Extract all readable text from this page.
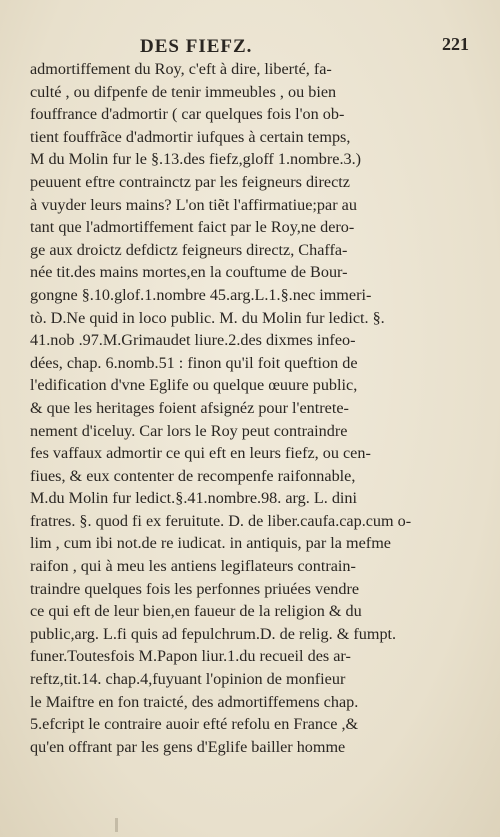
DES FIEFZ.	221
admortiffement du Roy, c'eft à dire, liberté, fa-
culté , ou difpenfe de tenir immeubles , ou bien
fouffrance d'admortir ( car quelques fois l'on ob-
tient fouffrãce d'admortir iufques à certain temps,
M du Molin fur le §.13.des fiefz,gloff 1.nombre.3.)
peuuent eftre contrainctz par les feigneurs directz
à vuyder leurs mains? L'on tiẽt l'affirmatiue;par au
tant que l'admortiffement faict par le Roy,ne dero-
ge aux droictz defdictz feigneurs directz, Chaffa-
née tit.des mains mortes,en la couftume de Bour-
gongne §.10.glof.1.nombre 45.arg.L.1.§.nec immeri-
tò. D.Ne quid in loco public. M. du Molin fur ledict. §.
41.nob .97.M.Grimaudet liure.2.des dixmes infeo-
dées, chap. 6.nomb.51 : finon qu'il foit queftion de
l'edification d'vne Eglife ou quelque œuure public,
& que les heritages foient afsignéz pour l'entrete-
nement d'iceluy. Car lors le Roy peut contraindre
fes vaffaux admortir ce qui eft en leurs fiefz, ou cen-
fiues, & eux contenter de recompenfe raifonnable,
M.du Molin fur ledict.§.41.nombre.98. arg. L. dini
fratres. §. quod fi ex feruitute. D. de liber.caufa.cap.cum o-
lim , cum ibi not.de re iudicat. in antiquis, par la mefme
raifon , qui à meu les antiens legiflateurs contrain-
traindre quelques fois les perfonnes priuées vendre
ce qui eft de leur bien,en faueur de la religion & du
public,arg. L.fi quis ad fepulchrum.D. de relig. & fumpt.
funer.Toutesfois M.Papon liur.1.du recueil des ar-
reftz,tit.14. chap.4,fuyuant l'opinion de monfieur
le Maiftre en fon traicté, des admortiffemens chap.
5.efcript le contraire auoir efté refolu en France ,&
qu'en offrant par les gens d'Eglife bailler homme
